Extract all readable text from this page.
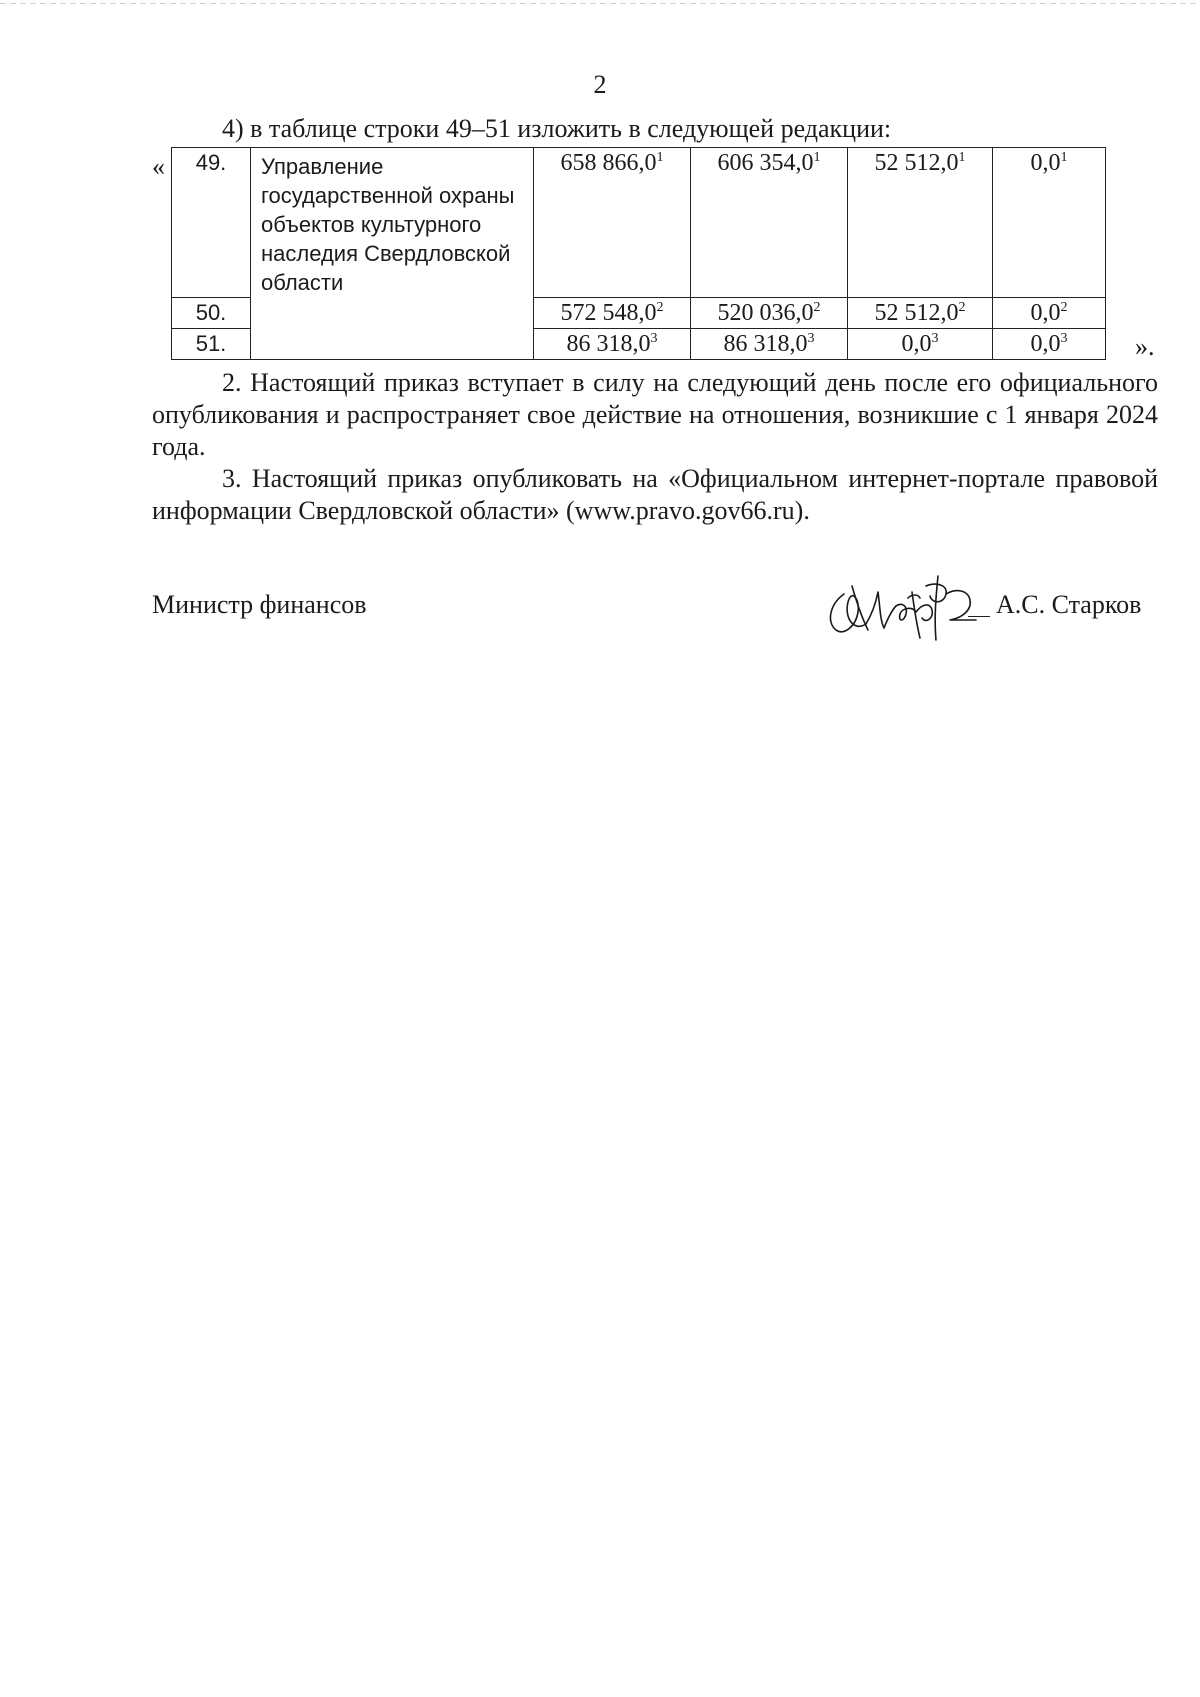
2
4) в таблице строки 49–51 изложить в следующей редакции:
« 49.	Управление государственной охраны объектов культурного наследия Свердловской области	658 866,0$^1$	606 354,0$^1$	52 512,0$^1$	$0,0^1$
50.		572 548,0$^2$	520 036,0$^2$	52 512,0$^2$	$0,0^2$
51.		86 318,0$^3$	86 318,0$^3$	$0,0^3$	$0,0^3$	».

2. Настоящий приказ вступает в силу на следующий день после его официального опубликования и распространяет свое действие на отношения, возникшие с 1 января 2024 года.

3. Настоящий приказ опубликовать на «Официальном интернет-портале правовой информации Свердловской области» (www.pravo.gov66.ru).

Министр финансов	А.С. Старков
